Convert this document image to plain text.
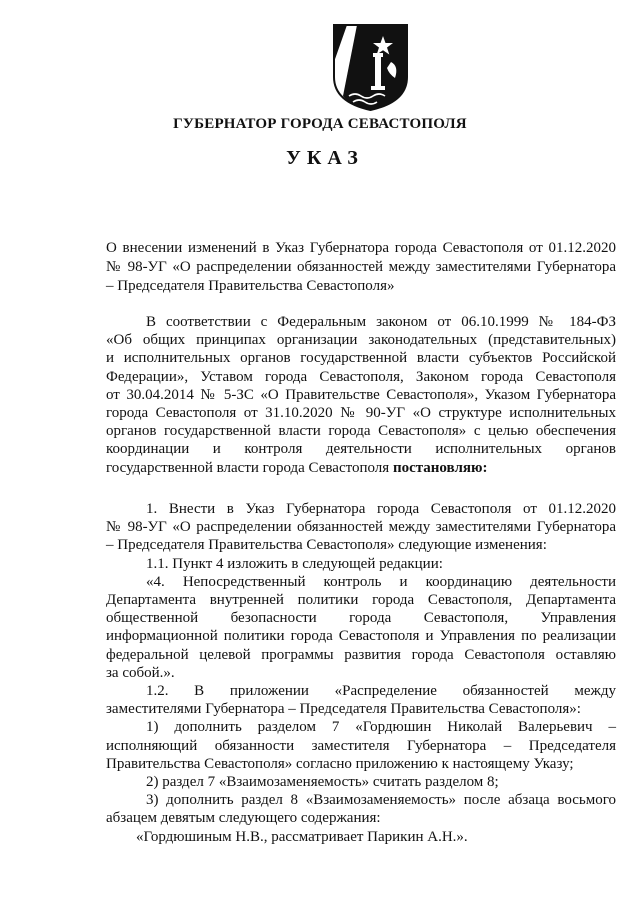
ГУБЕРНАТОР ГОРОДА СЕВАСТОПОЛЯ
УКАЗ
О внесении изменений в Указ Губернатора города Севастополя от 01.12.2020
№ 98-УГ «О распределении обязанностей между заместителями Губернатора
– Председателя Правительства Севастополя»
В соответствии с Федеральным законом от 06.10.1999 № 184-ФЗ
«Об общих принципах организации законодательных (представительных)
и исполнительных органов государственной власти субъектов Российской
Федерации», Уставом города Севастополя, Законом города Севастополя
от 30.04.2014 № 5-ЗС «О Правительстве Севастополя», Указом Губернатора
города Севастополя от 31.10.2020 № 90-УГ «О структуре исполнительных
органов государственной власти города Севастополя» с целью обеспечения
координации и контроля деятельности исполнительных органов
государственной власти города Севастополя постановляю:
1. Внести в Указ Губернатора города Севастополя от 01.12.2020
№ 98-УГ «О распределении обязанностей между заместителями Губернатора
– Председателя Правительства Севастополя» следующие изменения:
1.1. Пункт 4 изложить в следующей редакции:
«4. Непосредственный контроль и координацию деятельности
Департамента внутренней политики города Севастополя, Департамента
общественной безопасности города Севастополя, Управления
информационной политики города Севастополя и Управления по реализации
федеральной целевой программы развития города Севастополя оставляю
за собой.».
1.2. В приложении «Распределение обязанностей между
заместителями Губернатора – Председателя Правительства Севастополя»:
1) дополнить разделом 7 «Гордюшин Николай Валерьевич –
исполняющий обязанности заместителя Губернатора – Председателя
Правительства Севастополя» согласно приложению к настоящему Указу;
2) раздел 7 «Взаимозаменяемость» считать разделом 8;
3) дополнить раздел 8 «Взаимозаменяемость» после абзаца восьмого
абзацем девятым следующего содержания:
«Гордюшиным Н.В., рассматривает Парикин А.Н.».
